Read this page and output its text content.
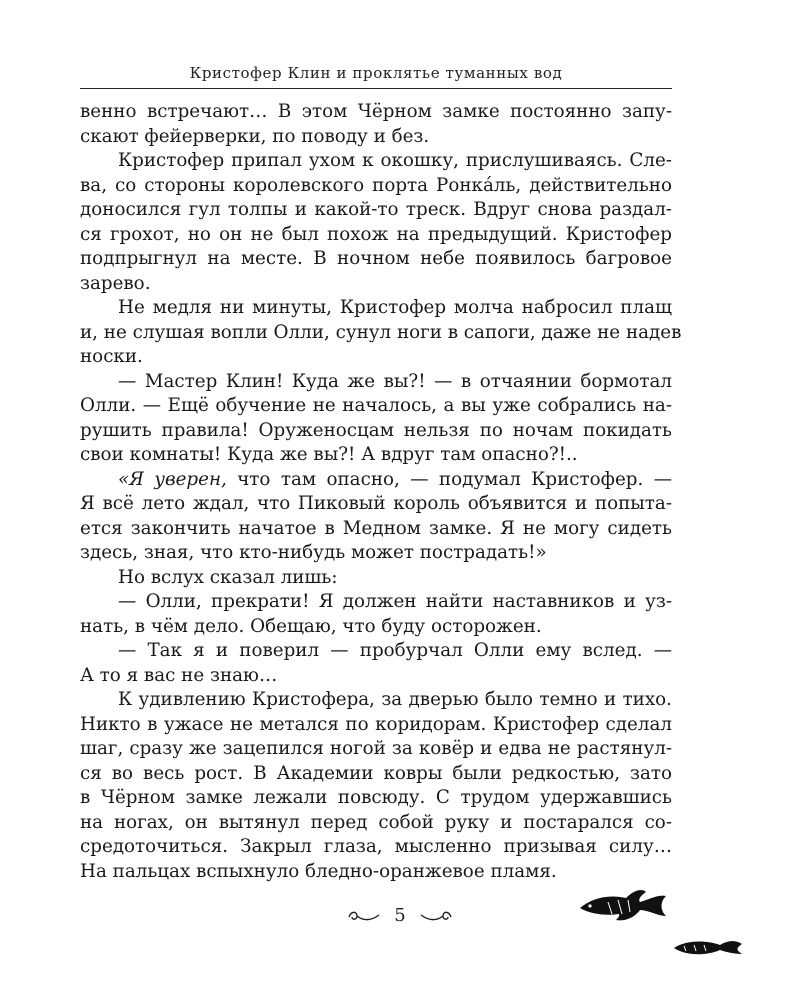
Кристофер Клин и проклятье туманных вод
венно встречают… В этом Чёрном замке постоянно запу-
скают фейерверки, по поводу и без.
Кристофер припал ухом к окошку, прислушиваясь. Сле-
ва, со стороны королевского порта Ронка́ль, действительно
доносился гул толпы и какой-то треск. Вдруг снова раздал-
ся грохот, но он не был похож на предыдущий. Кристофер
подпрыгнул на месте. В ночном небе появилось багровое
зарево.
Не медля ни минуты, Кристофер молча набросил плащ
и, не слушая вопли Олли, сунул ноги в сапоги, даже не надев
носки.
— Мастер Клин! Куда же вы?! — в отчаянии бормотал
Олли. — Ещё обучение не началось, а вы уже собрались на-
рушить правила! Оруженосцам нельзя по ночам покидать
свои комнаты! Куда же вы?! А вдруг там опасно?!..
«Я уверен, что там опасно, — подумал Кристофер. —
Я всё лето ждал, что Пиковый король объявится и попыта-
ется закончить начатое в Медном замке. Я не могу сидеть
здесь, зная, что кто-нибудь может пострадать!»
Но вслух сказал лишь:
— Олли, прекрати! Я должен найти наставников и уз-
нать, в чём дело. Обещаю, что буду осторожен.
— Так я и поверил — пробурчал Олли ему вслед. —
А то я вас не знаю…
К удивлению Кристофера, за дверью было темно и тихо.
Никто в ужасе не метался по коридорам. Кристофер сделал
шаг, сразу же зацепился ногой за ковёр и едва не растянул-
ся во весь рост. В Академии ковры были редкостью, зато
в Чёрном замке лежали повсюду. С трудом удержавшись
на ногах, он вытянул перед собой руку и постарался со-
средоточиться. Закрыл глаза, мысленно призывая силу…
На пальцах вспыхнуло бледно-оранжевое пламя.
5
